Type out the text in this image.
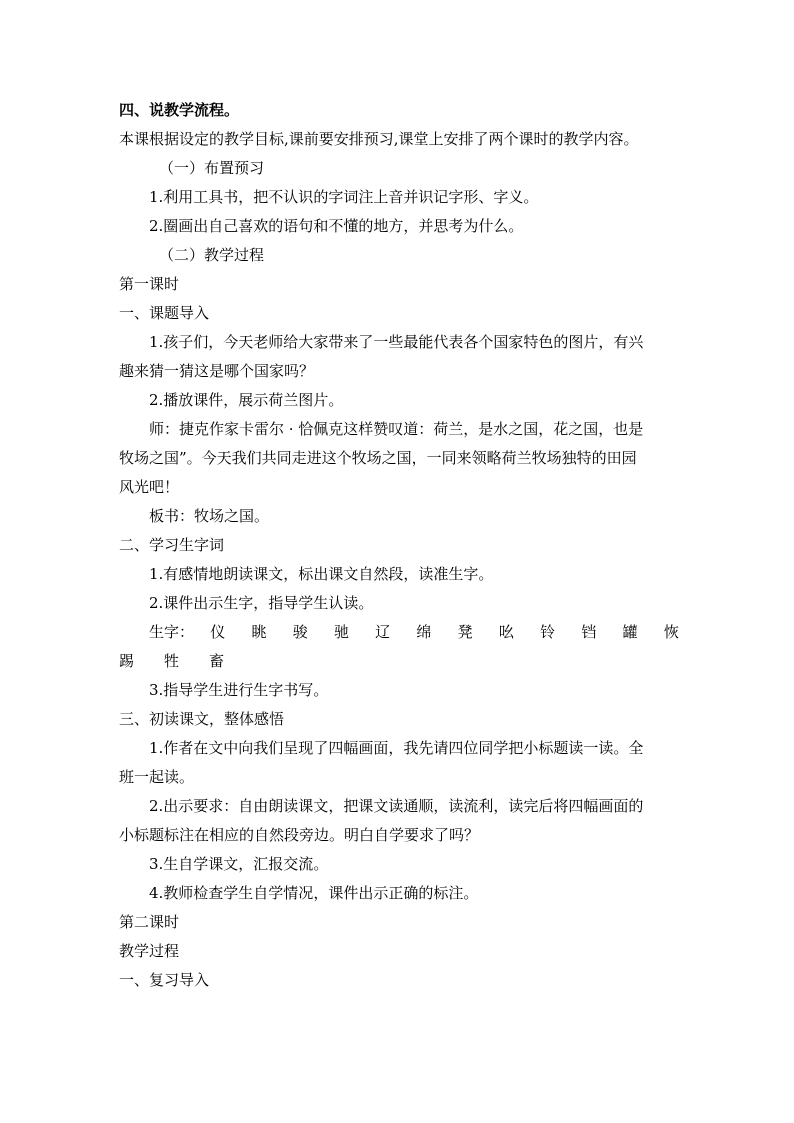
四、说教学流程。
本课根据设定的教学目标,课前要安排预习,课堂上安排了两个课时的教学内容。
（一）布置预习
1.利用工具书，把不认识的字词注上音并识记字形、字义。
2.圈画出自己喜欢的语句和不懂的地方，并思考为什么。
（二）教学过程
第一课时
一、课题导入
1.孩子们，今天老师给大家带来了一些最能代表各个国家特色的图片，有兴
趣来猜一猜这是哪个国家吗？
2.播放课件，展示荷兰图片。
师：捷克作家卡雷尔 · 恰佩克这样赞叹道：荷兰，是水之国，花之国，也是
牧场之国”。今天我们共同走进这个牧场之国，一同来领略荷兰牧场独特的田园
风光吧！
板书：牧场之国。
二、学习生字词
1.有感情地朗读课文，标出课文自然段，读准生字。
2.课件出示生字，指导学生认读。
生字： 仪 眺 骏 驰 辽 绵 凳 吆 铃 铛 罐 恢
踢 牲 畜
3.指导学生进行生字书写。
三、初读课文，整体感悟
1.作者在文中向我们呈现了四幅画面，我先请四位同学把小标题读一读。全
班一起读。
2.出示要求：自由朗读课文，把课文读通顺，读流利，读完后将四幅画面的
小标题标注在相应的自然段旁边。明白自学要求了吗？
3.生自学课文，汇报交流。
4.教师检查学生自学情况，课件出示正确的标注。
第二课时
教学过程
一、复习导入
